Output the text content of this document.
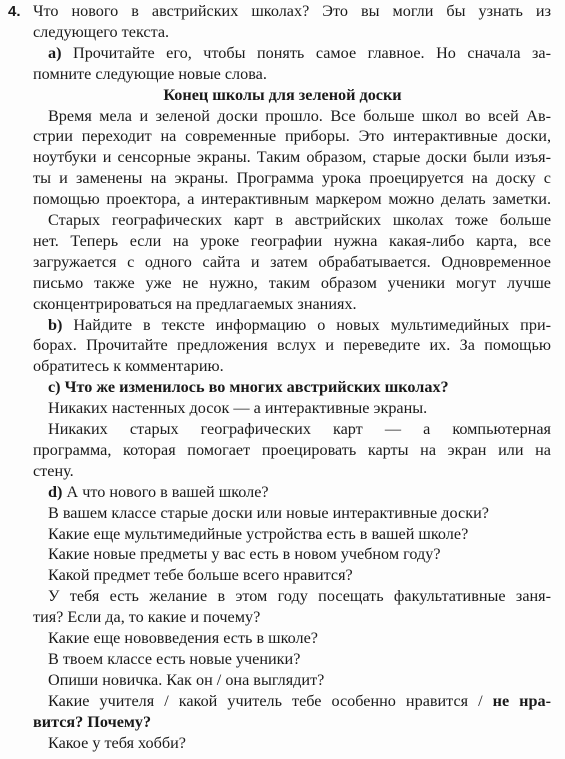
4. Что нового в австрийских школах? Это вы могли бы узнать из
следующего текста.
а) Прочитайте его, чтобы понять самое главное. Но сначала за-
помните следующие новые слова.
Конец школы для зеленой доски
Время мела и зеленой доски прошло. Все больше школ во всей Ав-
стрии переходит на современные приборы. Это интерактивные доски,
ноутбуки и сенсорные экраны. Таким образом, старые доски были изъя-
ты и заменены на экраны. Программа урока проецируется на доску с
помощью проектора, а интерактивным маркером можно делать заметки.
Старых географических карт в австрийских школах тоже больше
нет. Теперь если на уроке географии нужна какая-либо карта, все
загружается с одного сайта и затем обрабатывается. Одновременное
письмо также уже не нужно, таким образом ученики могут лучше
сконцентрироваться на предлагаемых знаниях.
b) Найдите в тексте информацию о новых мультимедийных при-
борах. Прочитайте предложения вслух и переведите их. За помощью
обратитесь к комментарию.
c) Что же изменилось во многих австрийских школах?
Никаких настенных досок — а интерактивные экраны.
Никаких старых географических карт — а компьютерная
программа, которая помогает проецировать карты на экран или на
стену.
d) А что нового в вашей школе?
В вашем классе старые доски или новые интерактивные доски?
Какие еще мультимедийные устройства есть в вашей школе?
Какие новые предметы у вас есть в новом учебном году?
Какой предмет тебе больше всего нравится?
У тебя есть желание в этом году посещать факультативные заня-
тия? Если да, то какие и почему?
Какие еще нововведения есть в школе?
В твоем классе есть новые ученики?
Опиши новичка. Как он / она выглядит?
Какие учителя / какой учитель тебе особенно нравится / не нра-
вится? Почему?
Какое у тебя хобби?
